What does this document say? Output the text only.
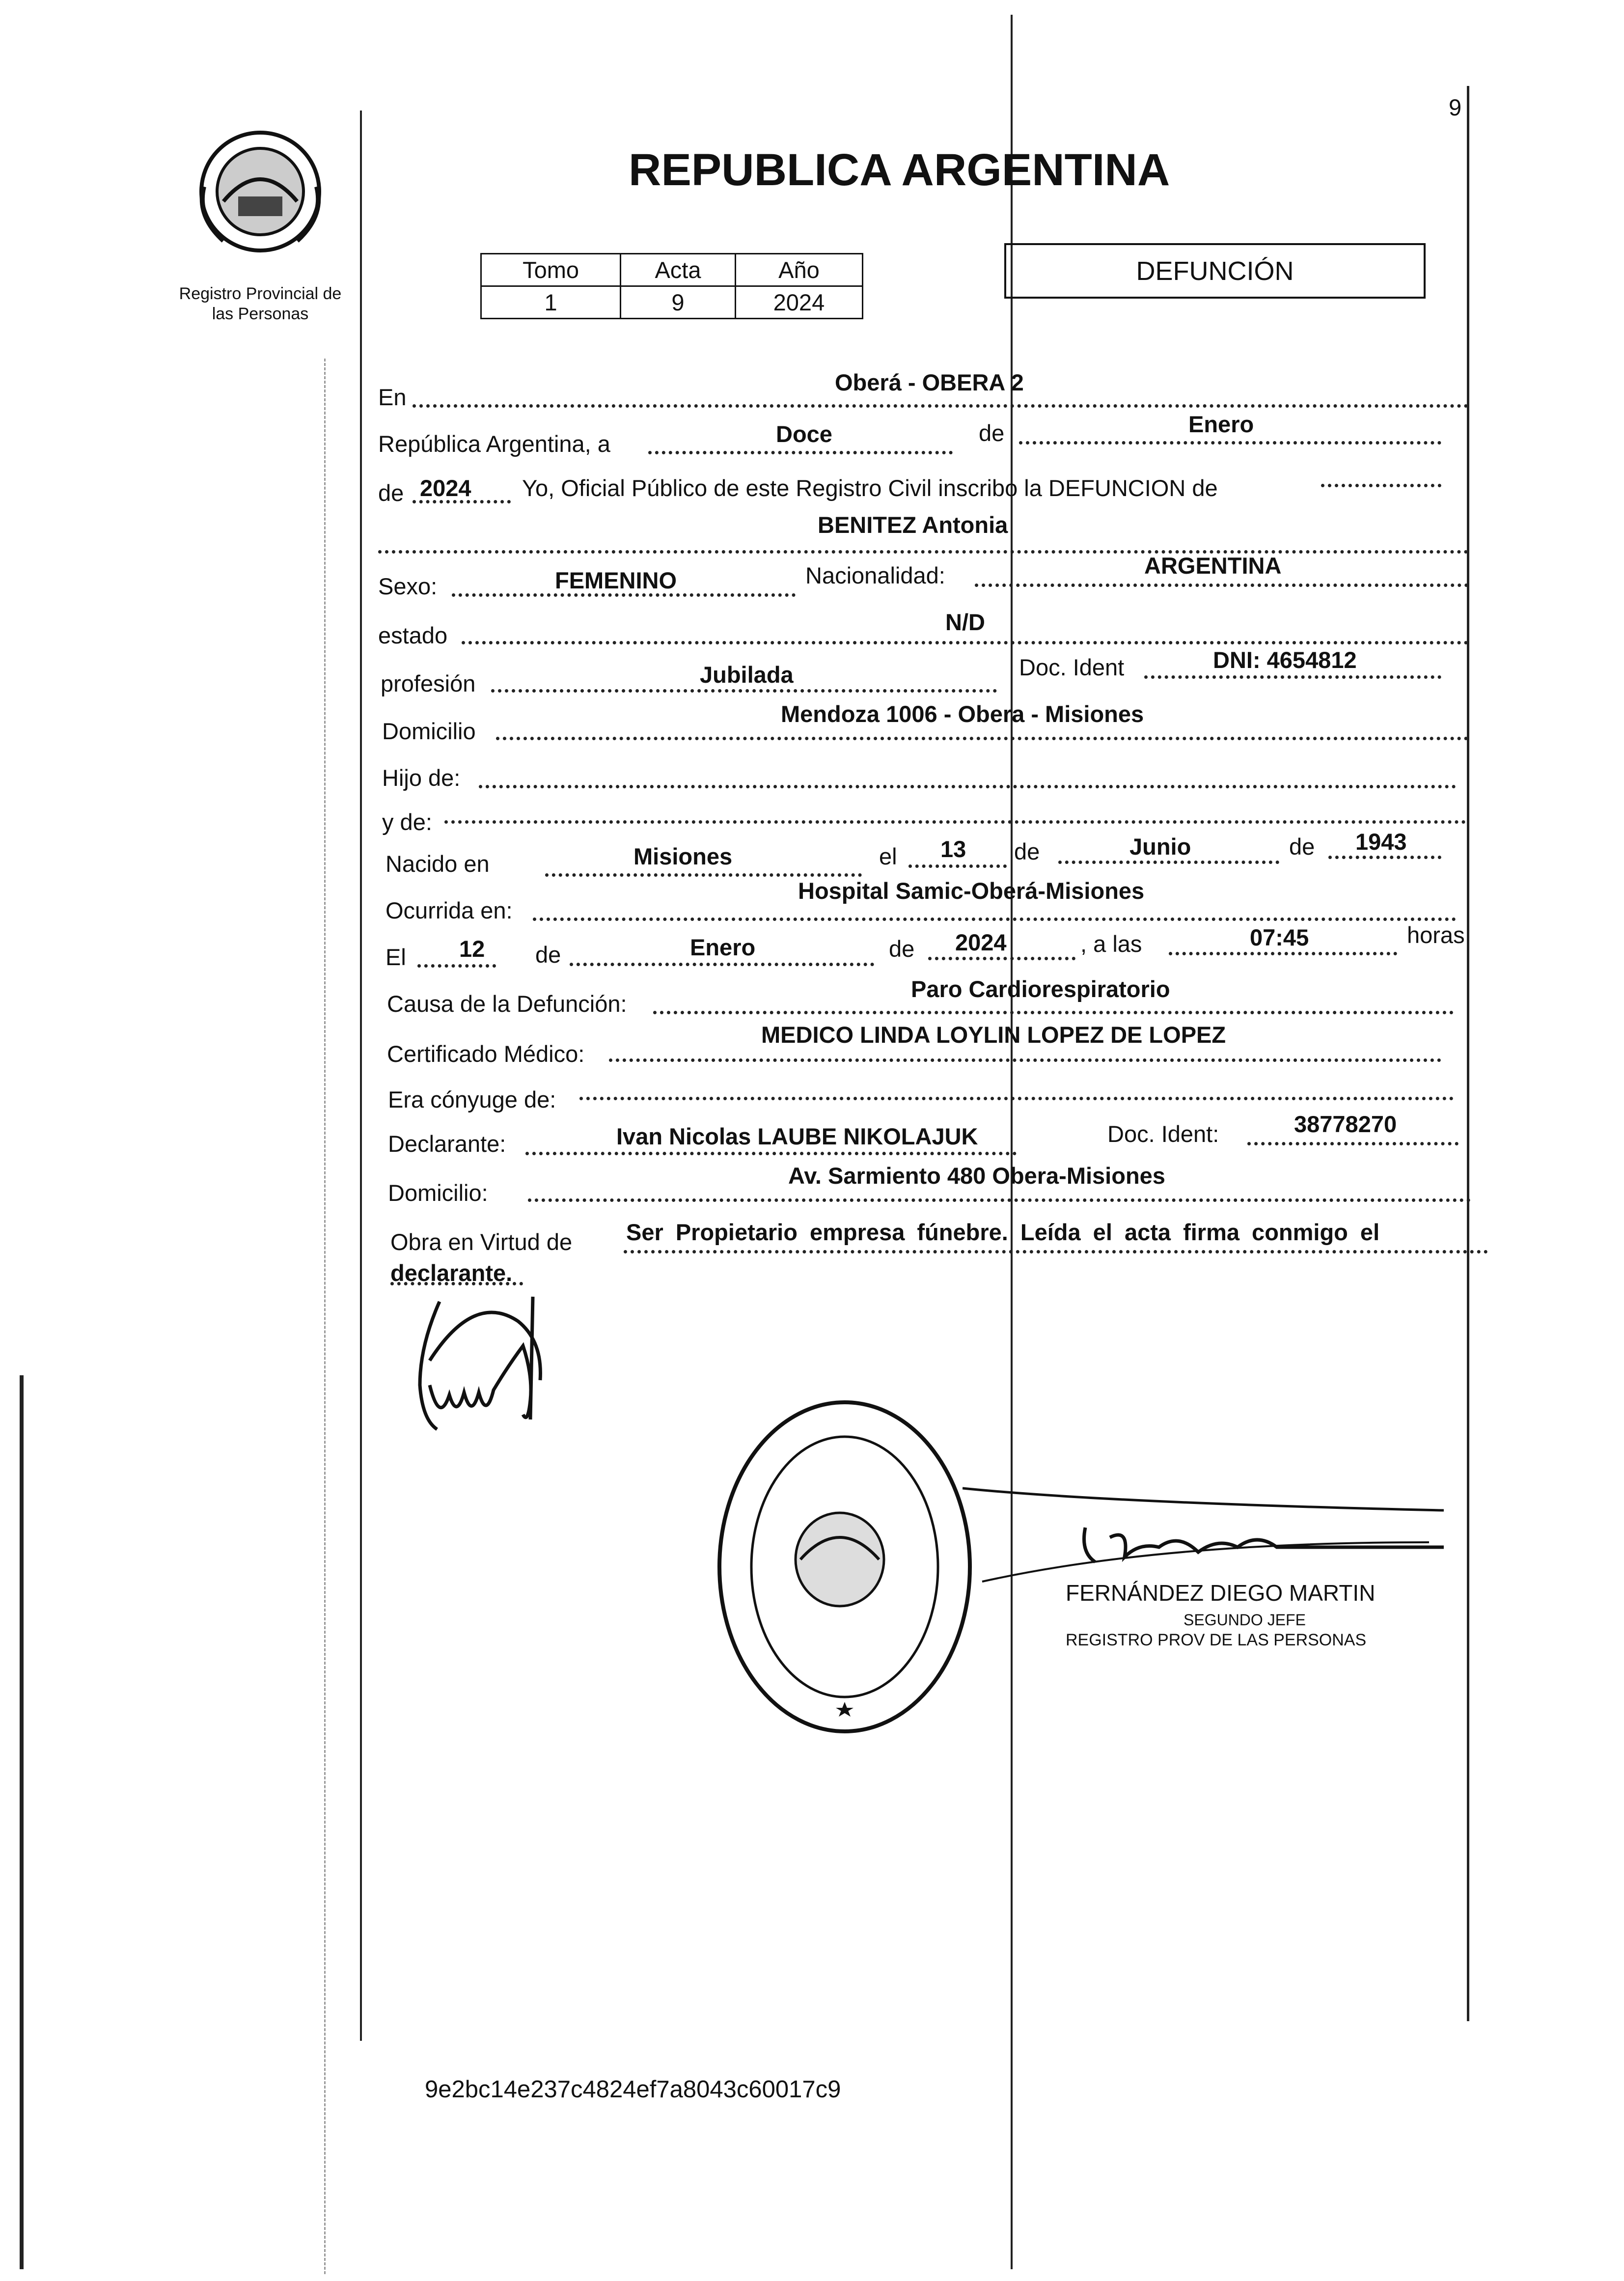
9
Registro Provincial de las Personas
REPUBLICA ARGENTINA
Tomo	Acta	Año
1	9	2024
DEFUNCIÓN
En
Oberá - OBERA 2
República Argentina, a	Doce	de	Enero
de 2024 Yo, Oficial Público de este Registro Civil inscribo la DEFUNCION de
BENITEZ Antonia
Sexo:	FEMENINO	Nacionalidad:	ARGENTINA
estado
N/D
profesión	Jubilada	Doc. Ident	DNI: 4654812
Domicilio
Mendoza 1006 - Obera - Misiones
Hijo de:
y de:
Nacido en	Misiones	el 13 de	Junio	de 1943
Ocurrida en:
Hospital Samic-Oberá-Misiones
El 12 de	Enero	de 2024	, a las	07:45	horas
Causa de la Defunción:
Paro Cardiorespiratorio
Certificado Médico:
MEDICO LINDA LOYLIN LOPEZ DE LOPEZ
Era cónyuge de:
Declarante:	Ivan Nicolas LAUBE NIKOLAJUK	Doc. Ident:	38778270
Domicilio:
Av. Sarmiento 480 Obera-Misiones
Obra en Virtud de Ser Propietario empresa fúnebre. Leída el acta firma conmigo el
declarante.
FERNÁNDEZ DIEGO MARTIN
SEGUNDO JEFE
REGISTRO PROV DE LAS PERSONAS
9e2bc14e237c4824ef7a8043c60017c9
